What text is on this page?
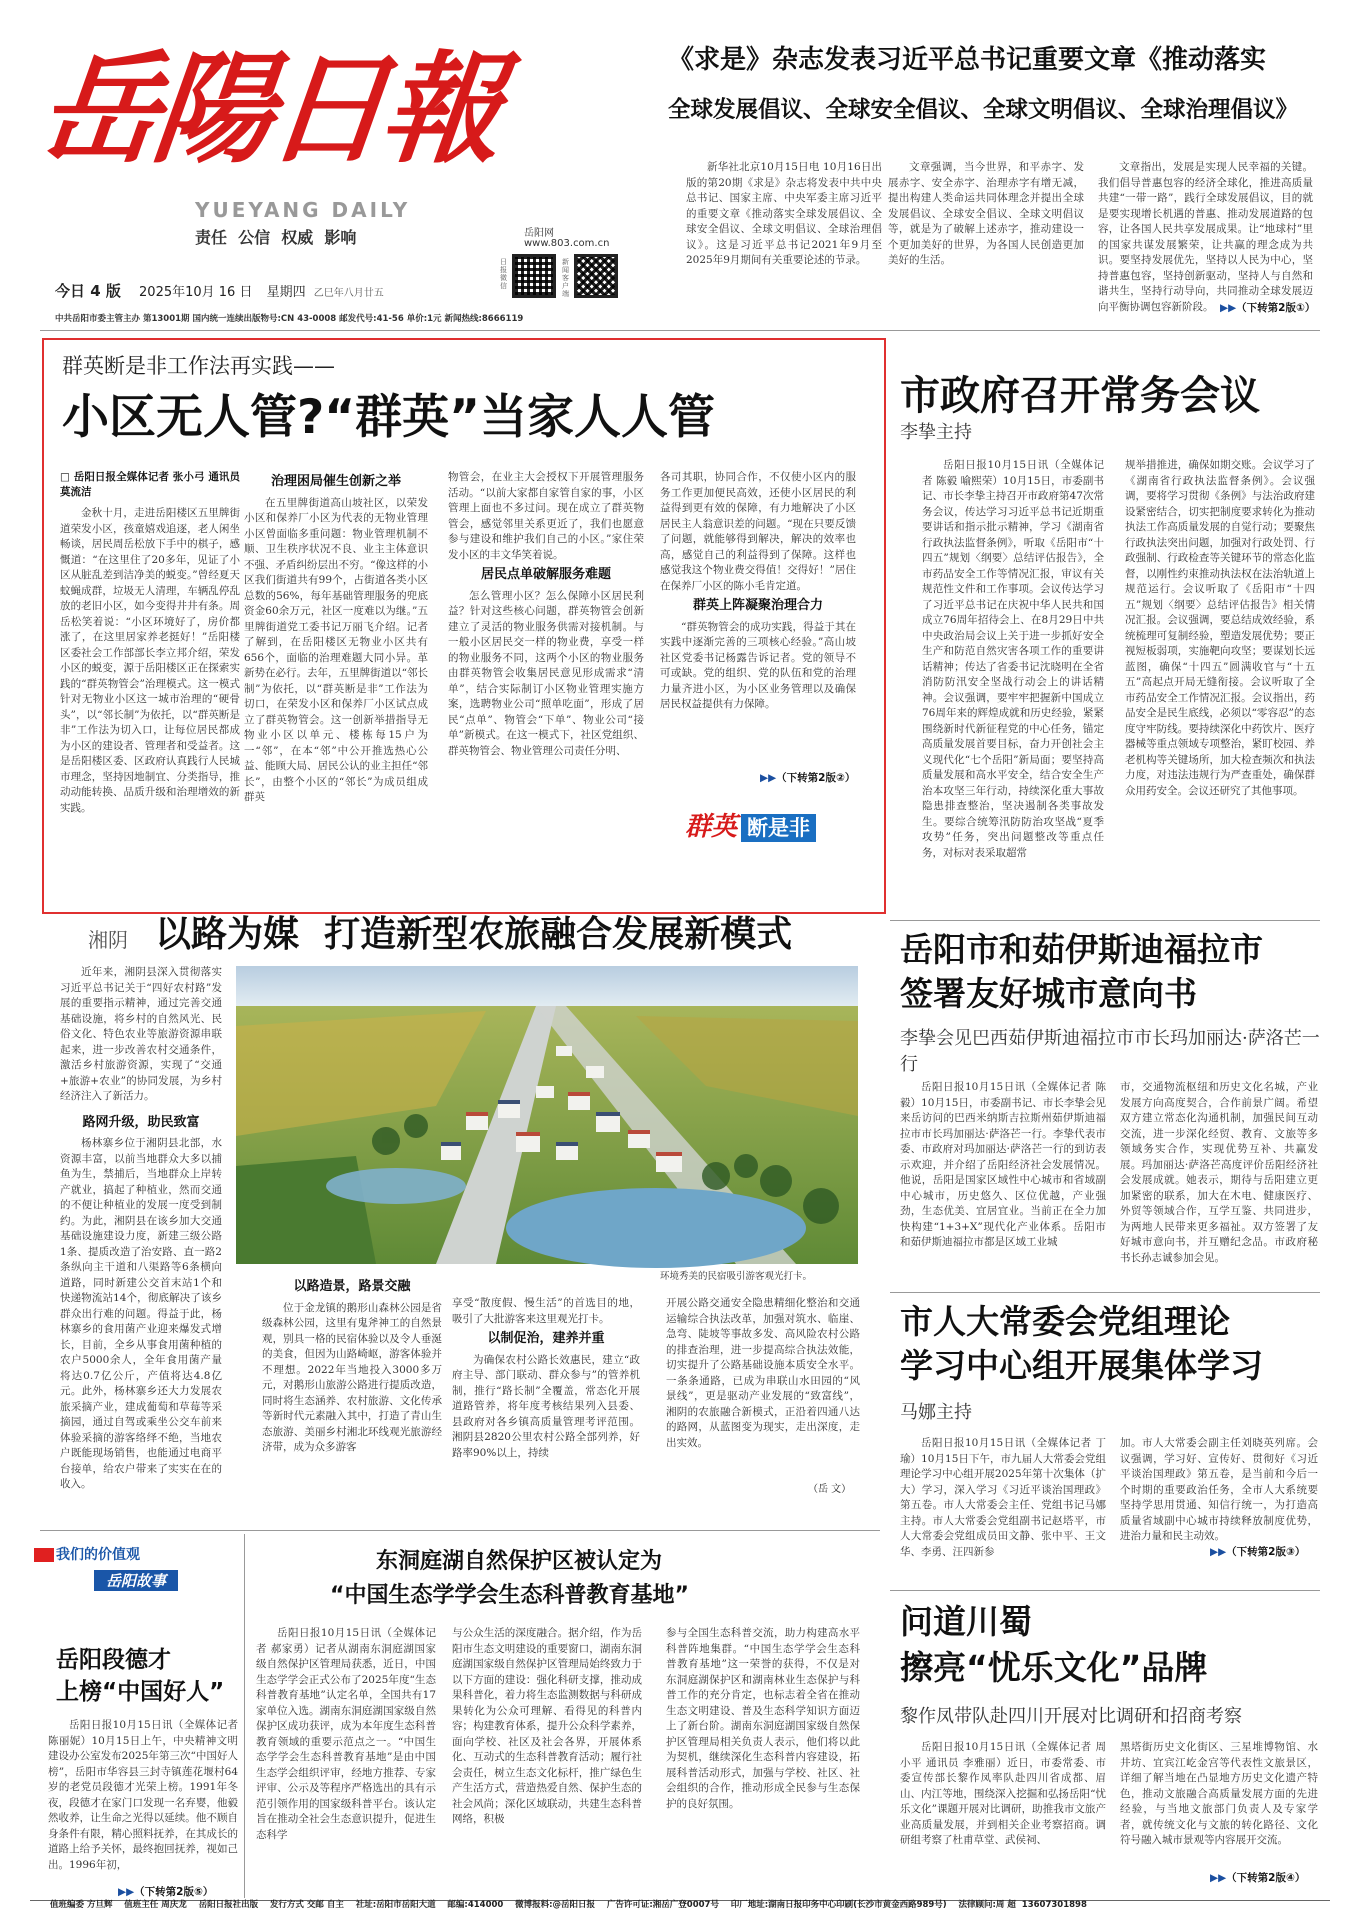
岳陽日報
YUEYANG DAILY
责任  公信  权威  影响	岳阳网
www.803.com.cn
日报微信
新闻客户端
今日 4 版 2025年10月 16 日 星期四 乙巳年八月廿五
中共岳阳市委主管主办 第13001期 国内统一连续出版物号:CN 43-0008 邮发代号:41-56 单价:1元 新闻热线:8666119
《求是》杂志发表习近平总书记重要文章《推动落实
全球发展倡议、全球安全倡议、全球文明倡议、全球治理倡议》

新华社北京10月15日电 10月16日出版的第20期《求是》杂志将发表中共中央总书记、国家主席、中央军委主席习近平的重要文章《推动落实全球发展倡议、全球安全倡议、全球文明倡议、全球治理倡议》。这是习近平总书记2021年9月至2025年9月期间有关重要论述的节录。

文章强调，当今世界，和平赤字、发展赤字、安全赤字、治理赤字有增无减，提出构建人类命运共同体理念并提出全球发展倡议、全球安全倡议、全球文明倡议等，就是为了破解上述赤字，推动建设一个更加美好的世界，为各国人民创造更加美好的生活。

文章指出，发展是实现人民幸福的关键。我们倡导普惠包容的经济全球化，推进高质量共建“一带一路”，践行全球发展倡议，目的就是要实现增长机遇的普惠、推动发展道路的包容，让各国人民共享发展成果。让“地球村”里的国家共谋发展繁荣，让共赢的理念成为共识。要坚持发展优先，坚持以人民为中心，坚持普惠包容，坚持创新驱动，坚持人与自然和谐共生，坚持行动导向，共同推动全球发展迈向平衡协调包容新阶段。 ▶▶（下转第2版①）
群英断是非工作法再实践——
小区无人管?“群英”当家人人管

□ 岳阳日报全媒体记者 张小弓 通讯员 莫流洁

金秋十月，走进岳阳楼区五里牌街道荣发小区，孩童嬉戏追逐，老人闲坐畅谈，居民周岳松放下手中的棋子，感慨道：“在这里住了20多年，见证了小区从脏乱差到洁净美的蜕变。”曾经夏天蚊蝇成群，垃圾无人清理，车辆乱停乱放的老旧小区，如今变得井井有条。周岳松笑着说：“小区环境好了，房价都涨了，在这里居家养老挺好！”岳阳楼区委社会工作部部长李立邦介绍，荣发小区的蜕变，源于岳阳楼区正在探索实践的“群英物管会”治理模式。这一模式针对无物业小区这一城市治理的“硬骨头”，以“邻长制”为依托，以“群英断是非”工作法为切入口，让每位居民都成为小区的建设者、管理者和受益者。这是岳阳楼区委、区政府认真践行人民城市理念，坚持因地制宜、分类指导，推动动能转换、品质升级和治理增效的新实践。

治理困局催生创新之举

在五里牌街道高山坡社区，以荣发小区和保养厂小区为代表的无物业管理小区曾面临多重问题：物业管理机制不顺、卫生秩序状况不良、业主主体意识不强、矛盾纠纷层出不穷。“像这样的小区我们街道共有99个，占街道各类小区总数的56%，每年基础管理服务的兜底资金60余万元，社区一度难以为继。”五里牌街道党工委书记万丽飞介绍。记者了解到，在岳阳楼区无物业小区共有656个，面临的治理难题大同小异。革新势在必行。去年，五里牌街道以“邻长制”为依托，以“群英断是非”工作法为切口，在荣发小区和保养厂小区试点成立了群英物管会。这一创新举措指导无物业小区以单元、楼栋每15户为一“邻”，在本“邻”中公开推选热心公益、能顾大局、居民公认的业主担任“邻长”，由整个小区的“邻长”为成员组成群英

物管会，在业主大会授权下开展管理服务活动。“以前大家都自家管自家的事，小区管理上面也不多过问。现在成立了群英物管会，感觉邻里关系更近了，我们也愿意参与建设和维护我们自己的小区。”家住荣发小区的丰文华笑着说。

居民点单破解服务难题

怎么管理小区？怎么保障小区居民利益？针对这些核心问题，群英物管会创新建立了灵活的物业服务供需对接机制。与一般小区居民交一样的物业费，享受一样的物业服务不同，这两个小区的物业服务由群英物管会收集居民意见形成需求“清单”，结合实际制订小区物业管理实施方案，选聘物业公司“照单吃面”，形成了居民“点单”、物管会“下单”、物业公司“接单”新模式。在这一模式下，社区党组织、群英物管会、物业管理公司责任分明、

各司其职，协同合作，不仅使小区内的服务工作更加便民高效，还使小区居民的利益得到更有效的保障，有力地解决了小区居民主人翁意识差的问题。“现在只要反馈了问题，就能够得到解决，解决的效率也高，感觉自己的利益得到了保障。这样也感觉我这个物业费交得值！交得好！”居住在保养厂小区的陈小毛肯定道。

群英上阵凝聚治理合力

“群英物管会的成功实践，得益于其在实践中逐渐完善的三项核心经验。”高山坡社区党委书记杨露告诉记者。党的领导不可或缺。党的组织、党的队伍和党的治理力量齐进小区，为小区业务管理以及确保居民权益提供有力保障。

▶▶（下转第2版②）
群英 断是非
市政府召开常务会议
李挚主持

岳阳日报10月15日讯（全媒体记者 陈毅 喻熙荣）10月15日，市委副书记、市长李挚主持召开市政府第47次常务会议，传达学习习近平总书记近期重要讲话和指示批示精神，学习《湖南省行政执法监督条例》，听取《岳阳市“十四五”规划〈纲要〉总结评估报告》，全市药品安全工作等情况汇报，审议有关规范性文件和工作事项。会议传达学习了习近平总书记在庆祝中华人民共和国成立76周年招待会上、在8月29日中共中央政治局会议上关于进一步抓好安全生产和防范自然灾害各项工作的重要讲话精神；传达了省委书记沈晓明在全省消防防汛安全坚战行动会上的讲话精神。会议强调，要牢牢把握新中国成立76周年来的辉煌成就和历史经验，紧紧围绕新时代新征程党的中心任务，锚定高质量发展首要目标，奋力开创社会主义现代化“七个岳阳”新局面；要坚持高质量发展和高水平安全，结合安全生产治本攻坚三年行动，持续深化重大事故隐患排查整治，坚决遏制各类事故发生。要综合统筹汛防防治攻坚战“夏季攻势”任务，突出问题整改等重点任务，对标对表采取超常

规举措推进，确保如期交账。会议学习了《湖南省行政执法监督条例》。会议强调，要将学习贯彻《条例》与法治政府建设紧密结合，切实把制度要求转化为推动执法工作高质量发展的自觉行动；要聚焦行政执法突出问题，加强对行政处罚、行政强制、行政检查等关键环节的常态化监督，以刚性约束推动执法权在法治轨道上规范运行。会议听取了《岳阳市“十四五”规划〈纲要〉总结评估报告》相关情况汇报。会议强调，要总结成效经验，系统梳理可复制经验，塑造发展优势；要正视短板弱项，实施靶向攻坚；要谋划长远蓝图，确保“十四五”圆满收官与“十五五”高起点开局无缝衔接。会议听取了全市药品安全工作情况汇报。会议指出，药品安全是民生底线，必须以“零容忍”的态度守牢防线。要持续深化中药饮片、医疗器械等重点领域专项整治，紧盯校园、养老机构等关键场所，加大检查频次和执法力度，对违法违规行为严查重处，确保群众用药安全。会议还研究了其他事项。

湘阴 以路为媒  打造新型农旅融合发展新模式

近年来，湘阴县深入贯彻落实习近平总书记关于“四好农村路”发展的重要指示精神，通过完善交通基础设施，将乡村的自然风光、民俗文化、特色农业等旅游资源串联起来，进一步改善农村交通条件，激活乡村旅游资源，实现了“交通+旅游+农业”的协同发展，为乡村经济注入了新活力。

路网升级，助民致富

杨林寨乡位于湘阴县北部，水资源丰富，以前当地群众大多以捕鱼为生，禁捕后，当地群众上岸转产就业，搞起了种植业，然而交通的不便让种植业的发展一度受到制约。为此，湘阴县在该乡加大交通基础设施建设力度，新建三级公路1条、提质改造了治安路、直一路2条纵向主干道和八渠路等6条横向道路，同时新建公交首末站1个和快递物流站14个，彻底解决了该乡群众出行难的问题。得益于此，杨林寨乡的食用菌产业迎来爆发式增长，目前，全乡从事食用菌种植的农户5000余人，全年食用菌产量将达0.7亿公斤，产值将达4.8亿元。此外，杨林寨乡还大力发展农旅采摘产业，建成葡萄和草莓等采摘园，通过自驾或乘坐公交车前来体验采摘的游客络绎不绝，当地农户既能现场销售，也能通过电商平台接单，给农户带来了实实在在的收入。

环境秀美的民宿吸引游客观光打卡。

以路造景，路景交融

位于金龙镇的鹅形山森林公园是省级森林公园，这里有鬼斧神工的自然景观，别具一格的民宿体验以及令人垂涎的美食，但因为山路崎岖，游客体验并不理想。2022年当地投入3000多万元，对鹅形山旅游公路进行提质改造，同时将生态涵养、农村旅游、文化传承等新时代元素融入其中，打造了青山生态旅游、美丽乡村湘北环线观光旅游经济带，成为众多游客

享受“散度假、慢生活”的首选目的地，吸引了大批游客来这里观光打卡。

以制促治，建养并重

为确保农村公路长效惠民，建立“政府主导、部门联动、群众参与”的管养机制，推行“路长制”全覆盖，常态化开展道路管养，将年度考核结果列入县委、县政府对各乡镇高质量管理考评范围。湘阴县2820公里农村公路全部列养，好路率90%以上，持续

开展公路交通安全隐患精细化整治和交通运输综合执法改革，加强对筑水、临崖、急弯、陡坡等事故多发、高风险农村公路的排查治理，进一步提高综合执法效能，切实提升了公路基础设施本质安全水平。一条条通路，已成为串联山水田园的“风景线”，更是驱动产业发展的“致富线”，湘阴的农旅融合新模式，正沿着四通八达的路网，从蓝图变为现实，走出深度，走出实效。

（岳 文）
岳阳市和茹伊斯迪福拉市
签署友好城市意向书
李挚会见巴西茹伊斯迪福拉市市长玛加丽达·萨洛芒一行

岳阳日报10月15日讯（全媒体记者 陈毅）10月15日，市委副书记、市长李挚会见来岳访问的巴西米纳斯吉拉斯州茹伊斯迪福拉市市长玛加丽达·萨洛芒一行。李挚代表市委、市政府对玛加丽达·萨洛芒一行的到访表示欢迎，并介绍了岳阳经济社会发展情况。他说，岳阳是国家区域性中心城市和省域副中心城市，历史悠久、区位优越，产业强劲，生态优美、宜居宜业。当前正在全力加快构建“1+3+X”现代化产业体系。岳阳市和茹伊斯迪福拉市都是区域工业城

市，交通物流枢纽和历史文化名城，产业发展方向高度契合，合作前景广阔。希望双方建立常态化沟通机制，加强民间互动交流，进一步深化经贸、教育、文旅等多领域务实合作，实现优势互补、共赢发展。玛加丽达·萨洛芒高度评价岳阳经济社会发展成就。她表示，期待与岳阳建立更加紧密的联系，加大在木电、健康医疗、外贸等领域合作，互学互鉴、共同进步，为两地人民带来更多福祉。双方签署了友好城市意向书，并互赠纪念品。市政府秘书长孙志诚参加会见。

市人大常委会党组理论
学习中心组开展集体学习
马娜主持

岳阳日报10月15日讯（全媒体记者 丁瑜）10月15日下午，市九届人大常委会党组理论学习中心组开展2025年第十次集体（扩大）学习，深入学习《习近平谈治国理政》第五卷。市人大常委会主任、党组书记马娜主持。市人大常委会党组副书记赵塔平，市人大常委会党组成员田文静、张中平、王文华、李勇、汪四新参

加。市人大常委会副主任刘晓英列席。会议强调，学习好、宣传好、贯彻好《习近平谈治国理政》第五卷，是当前和今后一个时期的重要政治任务，全市人大系统要坚持学思用贯通、知信行统一，为打造高质量省域副中心城市持续释放制度优势，进治力量和民主动效。

▶▶（下转第2版③）
我们的价值观
岳阳故事
岳阳段德才
上榜“中国好人”

岳阳日报10月15日讯（全媒体记者 陈丽妮）10月15日上午，中央精神文明建设办公室发布2025年第三次“中国好人榜”，岳阳市华容县三封寺镇莲花堰村64岁的老党员段德才光荣上榜。1991年冬夜，段德才在家门口发现一名弃婴，他毅然收养，让生命之光得以延续。他不顾自身条件有限，精心照料抚养，在其成长的道路上给予关怀，最终抱回抚养，视如己出。1996年初，

▶▶（下转第2版⑤）
东洞庭湖自然保护区被认定为
“中国生态学学会生态科普教育基地”

岳阳日报10月15日讯（全媒体记者 郝家勇）记者从湖南东洞庭湖国家级自然保护区管理局获悉，近日，中国生态学学会正式公布了2025年度“生态科普教育基地”认定名单，全国共有17家单位入选。湖南东洞庭湖国家级自然保护区成功获评，成为本年度生态科普教育领域的重要示范点之一。“中国生态学学会生态科普教育基地”是由中国生态学会组织评审，经地方推荐、专家评审、公示及等程序严格选出的具有示范引领作用的国家级科普平台。该认定旨在推动全社会生态意识提升，促进生态科学

与公众生活的深度融合。据介绍，作为岳阳市生态文明建设的重要窗口，湖南东洞庭湖国家级自然保护区管理局始终致力于以下方面的建设：强化科研支撑，推动成果科普化，着力将生态监测数据与科研成果转化为公众可理解、看得见的科普内容；构建教育体系，提升公众科学素养，面向学校、社区及社会各界，开展体系化、互动式的生态科普教育活动；履行社会责任，树立生态文化标杆，推广绿色生产生活方式，营造热爱自然、保护生态的社会风尚；深化区域联动，共建生态科普网络，积极

参与全国生态科普交流，助力构建高水平科普阵地集群。“中国生态学学会生态科普教育基地”这一荣誉的获得，不仅是对东洞庭湖保护区和湖南林业生态保护与科普工作的充分肯定，也标志着全省在推动生态文明建设、普及生态科学知识方面迈上了新台阶。湖南东洞庭湖国家级自然保护区管理局相关负责人表示，他们将以此为契机，继续深化生态科普内容建设，拓展科普活动形式，加强与学校、社区、社会组织的合作，推动形成全民参与生态保护的良好氛围。

问道川蜀
擦亮“忧乐文化”品牌
黎作凤带队赴四川开展对比调研和招商考察

岳阳日报10月15日讯（全媒体记者 周小平 通讯员 李雅丽）近日，市委常委、市委宣传部长黎作凤率队赴四川省成都、眉山、内江等地，围绕深入挖掘和弘扬岳阳“忧乐文化”课题开展对比调研，助推我市文旅产业高质量发展，并到相关企业考察招商。调研组考察了杜甫草堂、武侯祠、

黑塔街历史文化街区、三星堆博物馆、水井坊、宜宾江屹金宫等代表性文旅景区，详细了解当地在凸显地方历史文化遗产特色，推动文旅融合高质量发展方面的先进经验，与当地文旅部门负责人及专家学者，就传统文化与文旅的转化路径、文化符号融入城市景观等内容展开交流。

▶▶（下转第2版④）
值班编委 方旦辉    值班主任 周庆龙    岳阳日报社出版    发行方式 交邮 自主    社址:岳阳市岳阳大道    邮编:414000    微博报料:@岳阳日报    广告许可证:湘岳广登0007号    印厂地址:湖南日报印务中心印刷(长沙市黄金西路989号)    法律顾问:周 超  13607301898
